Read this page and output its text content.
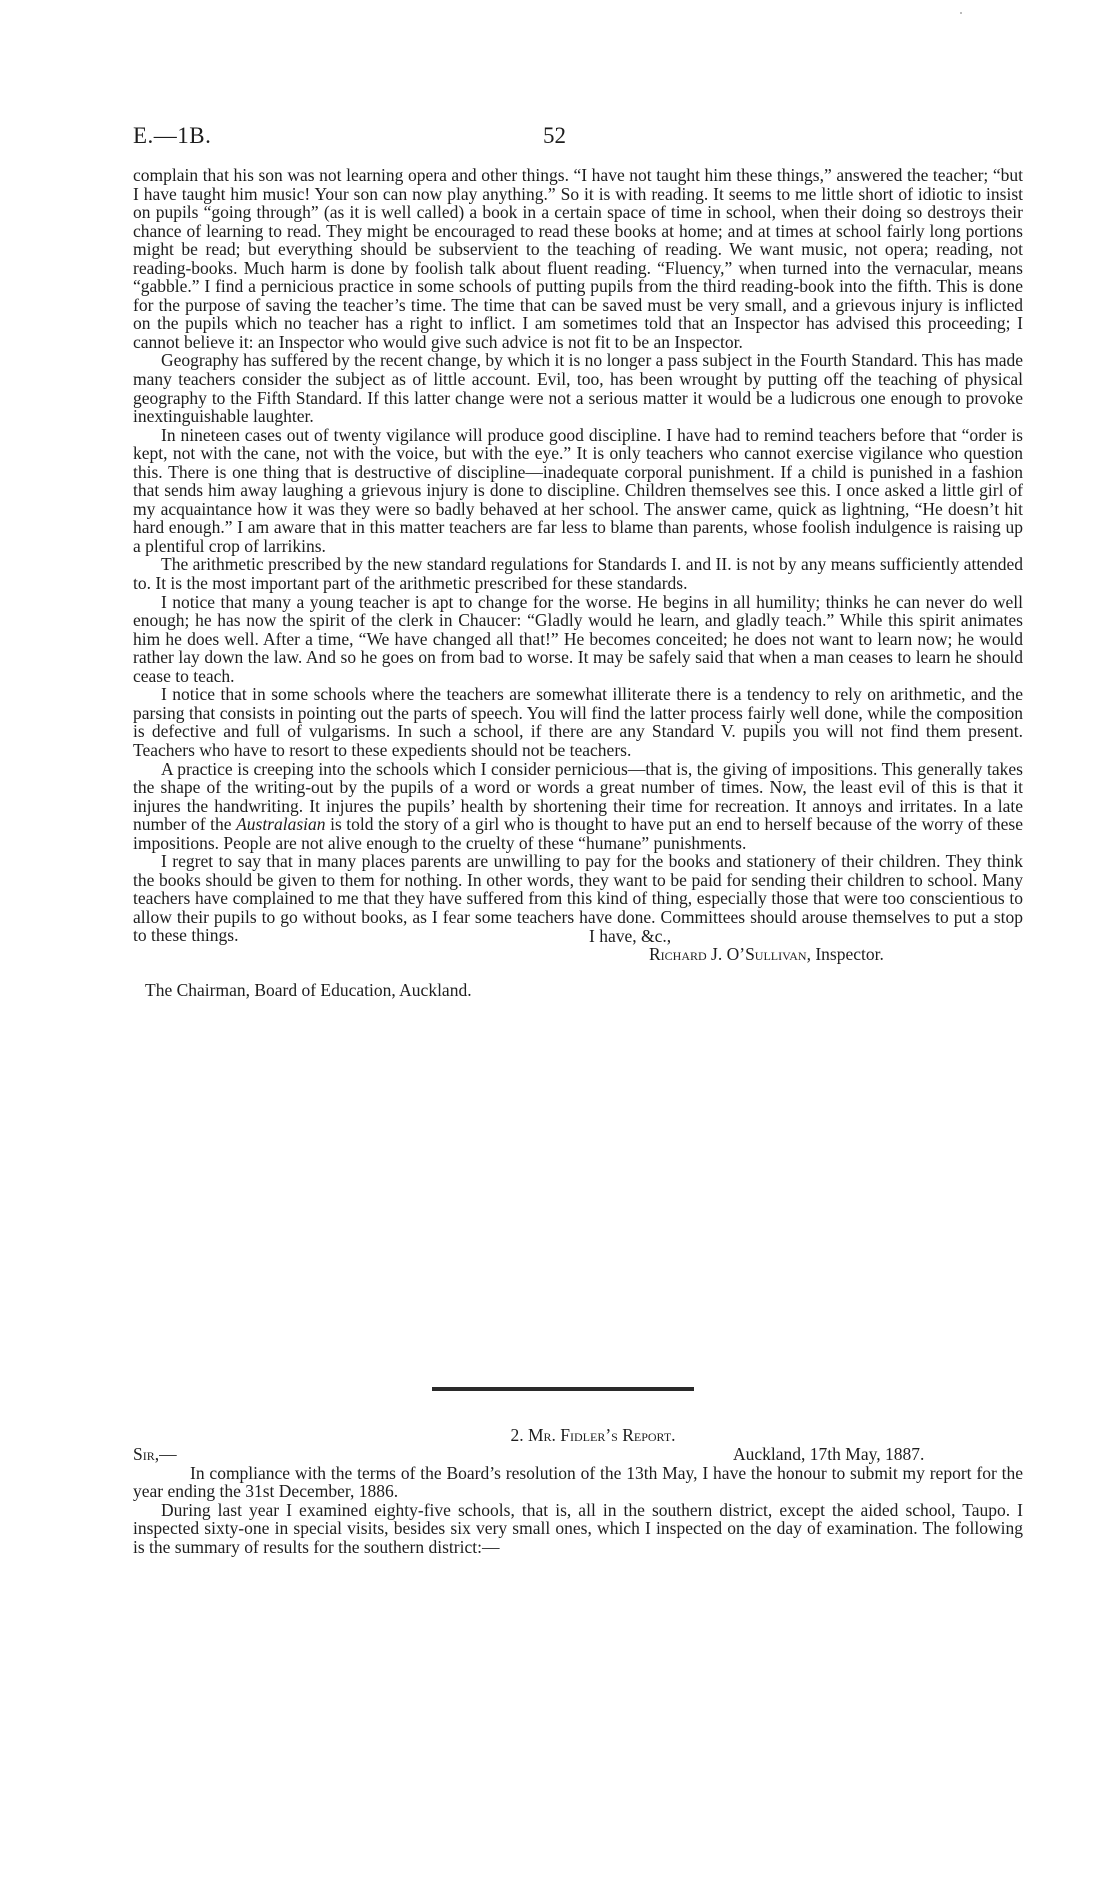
E.—1B.	52

complain that his son was not learning opera and other things. “I have not taught him these things,” answered the teacher; “but I have taught him music! Your son can now play anything.” So it is with reading. It seems to me little short of idiotic to insist on pupils “going through” (as it is well called) a book in a certain space of time in school, when their doing so destroys their chance of learning to read. They might be encouraged to read these books at home; and at times at school fairly long portions might be read; but everything should be subservient to the teaching of reading. We want music, not opera; reading, not reading-books. Much harm is done by foolish talk about fluent reading. “Fluency,” when turned into the vernacular, means “gabble.” I find a pernicious practice in some schools of putting pupils from the third reading-book into the fifth. This is done for the purpose of saving the teacher’s time. The time that can be saved must be very small, and a grievous injury is inflicted on the pupils which no teacher has a right to inflict. I am sometimes told that an Inspector has advised this proceeding; I cannot believe it: an Inspector who would give such advice is not fit to be an Inspector.

Geography has suffered by the recent change, by which it is no longer a pass subject in the Fourth Standard. This has made many teachers consider the subject as of little account. Evil, too, has been wrought by putting off the teaching of physical geography to the Fifth Standard. If this latter change were not a serious matter it would be a ludicrous one enough to provoke inextinguishable laughter.

In nineteen cases out of twenty vigilance will produce good discipline. I have had to remind teachers before that “order is kept, not with the cane, not with the voice, but with the eye.” It is only teachers who cannot exercise vigilance who question this. There is one thing that is destructive of discipline—inadequate corporal punishment. If a child is punished in a fashion that sends him away laughing a grievous injury is done to discipline. Children themselves see this. I once asked a little girl of my acquaintance how it was they were so badly behaved at her school. The answer came, quick as lightning, “He doesn’t hit hard enough.” I am aware that in this matter teachers are far less to blame than parents, whose foolish indulgence is raising up a plentiful crop of larrikins.

The arithmetic prescribed by the new standard regulations for Standards I. and II. is not by any means sufficiently attended to. It is the most important part of the arithmetic prescribed for these standards.

I notice that many a young teacher is apt to change for the worse. He begins in all humility; thinks he can never do well enough; he has now the spirit of the clerk in Chaucer: “Gladly would he learn, and gladly teach.” While this spirit animates him he does well. After a time, “We have changed all that!” He becomes conceited; he does not want to learn now; he would rather lay down the law. And so he goes on from bad to worse. It may be safely said that when a man ceases to learn he should cease to teach.

I notice that in some schools where the teachers are somewhat illiterate there is a tendency to rely on arithmetic, and the parsing that consists in pointing out the parts of speech. You will find the latter process fairly well done, while the composition is defective and full of vulgarisms. In such a school, if there are any Standard V. pupils you will not find them present. Teachers who have to resort to these expedients should not be teachers.

A practice is creeping into the schools which I consider pernicious—that is, the giving of impositions. This generally takes the shape of the writing-out by the pupils of a word or words a great number of times. Now, the least evil of this is that it injures the handwriting. It injures the pupils’ health by shortening their time for recreation. It annoys and irritates. In a late number of the Australasian is told the story of a girl who is thought to have put an end to herself because of the worry of these impositions. People are not alive enough to the cruelty of these “humane” punishments.

I regret to say that in many places parents are unwilling to pay for the books and stationery of their children. They think the books should be given to them for nothing. In other words, they want to be paid for sending their children to school. Many teachers have complained to me that they have suffered from this kind of thing, especially those that were too conscientious to allow their pupils to go without books, as I fear some teachers have done. Committees should arouse themselves to put a stop to these things.	I have, &c.,
Richard J. O’Sullivan, Inspector.

The Chairman, Board of Education, Auckland.

2. Mr. Fidler’s Report.

Sir,—	Auckland, 17th May, 1887.

In compliance with the terms of the Board’s resolution of the 13th May, I have the honour to submit my report for the year ending the 31st December, 1886.

During last year I examined eighty-five schools, that is, all in the southern district, except the aided school, Taupo. I inspected sixty-one in special visits, besides six very small ones, which I inspected on the day of examination. The following is the summary of results for the southern district:—
